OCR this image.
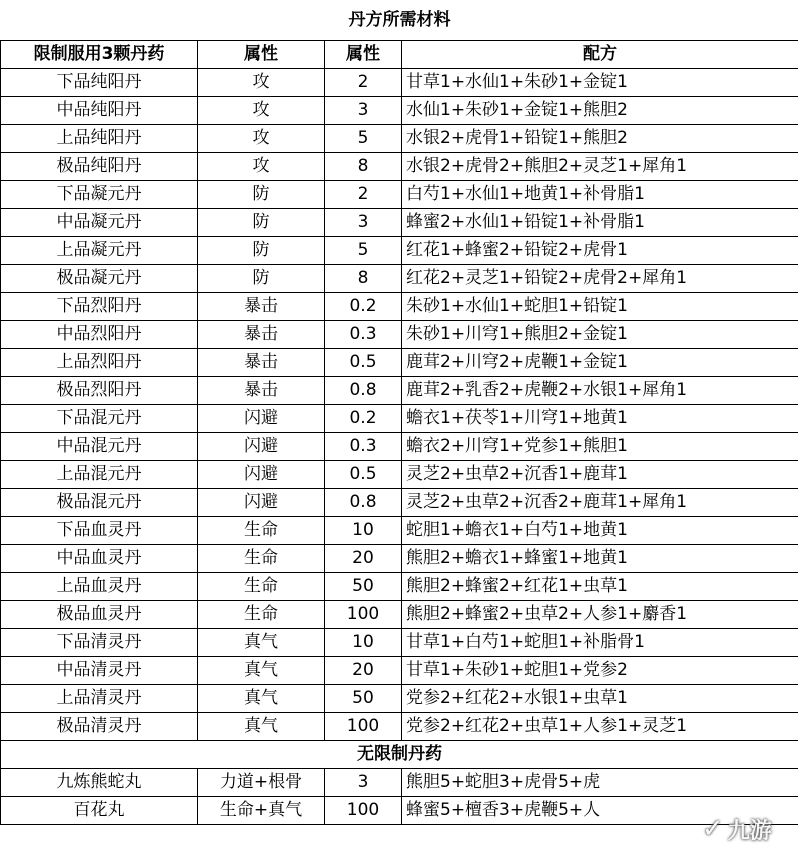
丹方所需材料			
限制服用3颗丹药	属性	属性	配方
下品纯阳丹	攻	2	甘草1+水仙1+朱砂1+金锭1
中品纯阳丹	攻	3	水仙1+朱砂1+金锭1+熊胆2
上品纯阳丹	攻	5	水银2+虎骨1+铅锭1+熊胆2
极品纯阳丹	攻	8	水银2+虎骨2+熊胆2+灵芝1+犀角1
下品凝元丹	防	2	白芍1+水仙1+地黄1+补骨脂1
中品凝元丹	防	3	蜂蜜2+水仙1+铅锭1+补骨脂1
上品凝元丹	防	5	红花1+蜂蜜2+铅锭2+虎骨1
极品凝元丹	防	8	红花2+灵芝1+铅锭2+虎骨2+犀角1
下品烈阳丹	暴击	0.2	朱砂1+水仙1+蛇胆1+铅锭1
中品烈阳丹	暴击	0.3	朱砂1+川穹1+熊胆2+金锭1
上品烈阳丹	暴击	0.5	鹿茸2+川穹2+虎鞭1+金锭1
极品烈阳丹	暴击	0.8	鹿茸2+乳香2+虎鞭2+水银1+犀角1
下品混元丹	闪避	0.2	蟾衣1+茯苓1+川穹1+地黄1
中品混元丹	闪避	0.3	蟾衣2+川穹1+党参1+熊胆1
上品混元丹	闪避	0.5	灵芝2+虫草2+沉香1+鹿茸1
极品混元丹	闪避	0.8	灵芝2+虫草2+沉香2+鹿茸1+犀角1
下品血灵丹	生命	10	蛇胆1+蟾衣1+白芍1+地黄1
中品血灵丹	生命	20	熊胆2+蟾衣1+蜂蜜1+地黄1
上品血灵丹	生命	50	熊胆2+蜂蜜2+红花1+虫草1
极品血灵丹	生命	100	熊胆2+蜂蜜2+虫草2+人参1+麝香1
下品清灵丹	真气	10	甘草1+白芍1+蛇胆1+补脂骨1
中品清灵丹	真气	20	甘草1+朱砂1+蛇胆1+党参2
上品清灵丹	真气	50	党参2+红花2+水银1+虫草1
极品清灵丹	真气	100	党参2+红花2+虫草1+人参1+灵芝1
无限制丹药			
九炼熊蛇丸	力道+根骨	3	熊胆5+蛇胆3+虎骨5+虎
百花丸	生命+真气	100	蜂蜜5+檀香3+虎鞭5+人
✓ 九游
